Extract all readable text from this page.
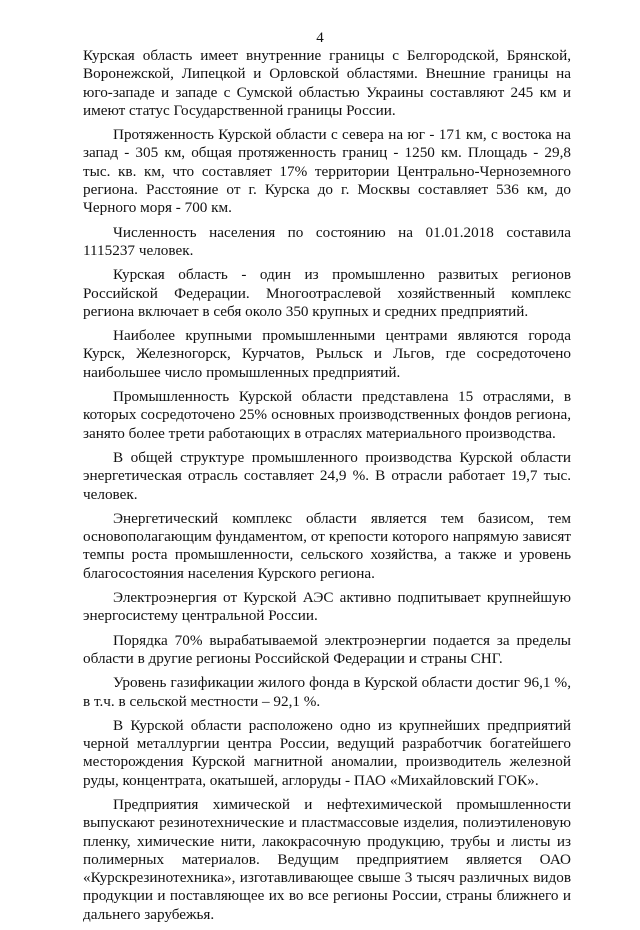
4

Курская область имеет внутренние границы с Белгородской, Брянской, Воронежской, Липецкой и Орловской областями. Внешние границы на юго-западе и западе с Сумской областью Украины составляют 245 км и имеют статус Государственной границы России.

Протяженность Курской области с севера на юг - 171 км, с востока на запад - 305 км, общая протяженность границ - 1250 км. Площадь - 29,8 тыс. кв. км, что составляет 17% территории Центрально-Черноземного региона. Расстояние от г. Курска до г. Москвы составляет 536 км, до Черного моря - 700 км.

Численность населения по состоянию на 01.01.2018 составила 1115237 человек.

Курская область - один из промышленно развитых регионов Российской Федерации. Многоотраслевой хозяйственный комплекс региона включает в себя около 350 крупных и средних предприятий.

Наиболее крупными промышленными центрами являются города Курск, Железногорск, Курчатов, Рыльск и Льгов, где сосредоточено наибольшее число промышленных предприятий.

Промышленность Курской области представлена 15 отраслями, в которых сосредоточено 25% основных производственных фондов региона, занято более трети работающих в отраслях материального производства.

В общей структуре промышленного производства Курской области энергетическая отрасль составляет 24,9 %. В отрасли работает 19,7 тыс. человек.

Энергетический комплекс области является тем базисом, тем основополагающим фундаментом, от крепости которого напрямую зависят темпы роста промышленности, сельского хозяйства, а также и уровень благосостояния населения Курского региона.

Электроэнергия от Курской АЭС активно подпитывает крупнейшую энергосистему центральной России.

Порядка 70% вырабатываемой электроэнергии подается за пределы области в другие регионы Российской Федерации и страны СНГ.

Уровень газификации жилого фонда в Курской области достиг 96,1 %, в т.ч. в сельской местности – 92,1 %.

В Курской области расположено одно из крупнейших предприятий черной металлургии центра России, ведущий разработчик богатейшего месторождения Курской магнитной аномалии, производитель железной руды, концентрата, окатышей, аглоруды - ПАО «Михайловский ГОК».

Предприятия химической и нефтехимической промышленности выпускают резинотехнические и пластмассовые изделия, полиэтиленовую пленку, химические нити, лакокрасочную продукцию, трубы и листы из полимерных материалов. Ведущим предприятием является ОАО «Курскрезинотехника», изготавливающее свыше 3 тысяч различных видов продукции и поставляющее их во все регионы России, страны ближнего и дальнего зарубежья.
